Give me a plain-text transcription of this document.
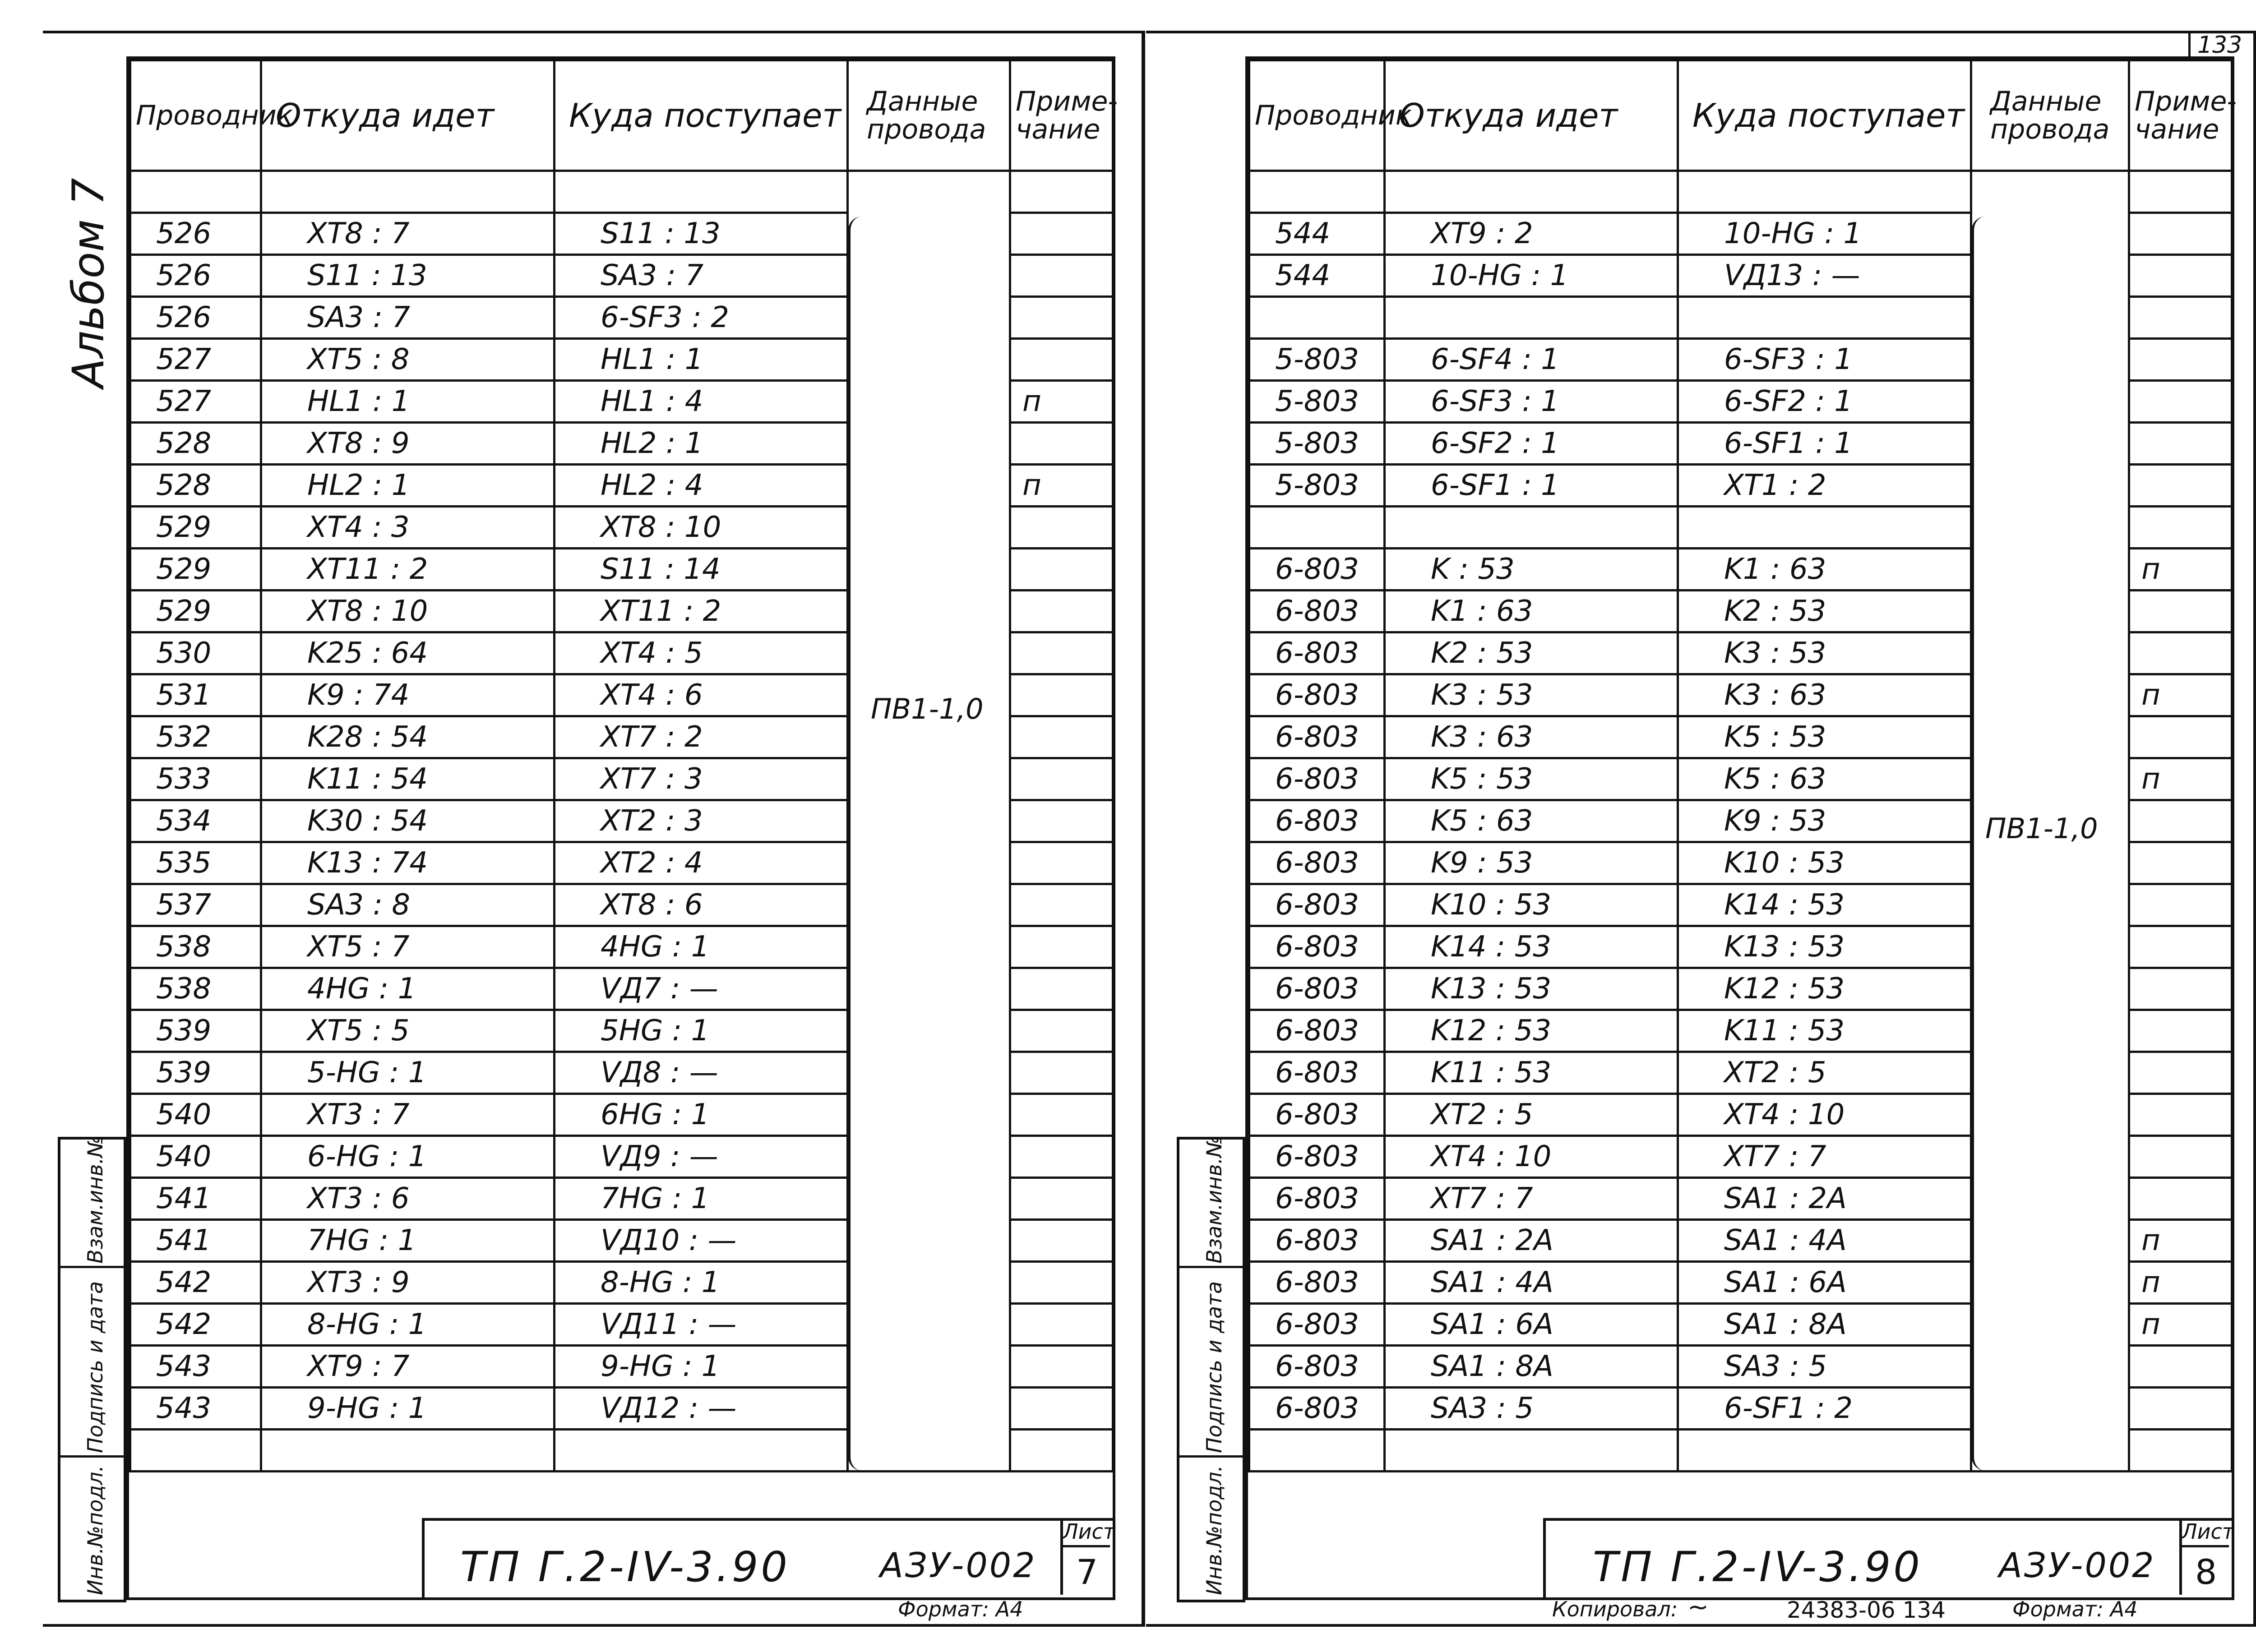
Альбом 7
Взам.инв.№
Подпись и дата
Инв.№подл.
Проводник	Откуда идет	Куда поступает	Данные
провода	Приме-
чание

526	XT8 : 7	S11 : 13		
526	S11 : 13	SA3 : 7		
526	SA3 : 7	6-SF3 : 2		
527	XT5 : 8	HL1 : 1		
527	HL1 : 1	HL1 : 4		п
528	XT8 : 9	HL2 : 1		
528	HL2 : 1	HL2 : 4		п
529	XT4 : 3	XT8 : 10		
529	XT11 : 2	S11 : 14		
529	XT8 : 10	XT11 : 2		
530	K25 : 64	XT4 : 5		
531	K9 : 74	XT4 : 6		
532	K28 : 54	XT7 : 2		
533	K11 : 54	XT7 : 3		
534	K30 : 54	XT2 : 3		
535	K13 : 74	XT2 : 4		
537	SA3 : 8	XT8 : 6		
538	XT5 : 7	4HG : 1		
538	4HG : 1	VД7 : —		
539	XT5 : 5	5HG : 1		
539	5-HG : 1	VД8 : —		
540	XT3 : 7	6HG : 1		
540	6-HG : 1	VД9 : —		
541	XT3 : 6	7HG : 1		
541	7HG : 1	VД10 : —		
542	XT3 : 9	8-HG : 1		
542	8-HG : 1	VД11 : —		
543	XT9 : 7	9-HG : 1		
543	9-HG : 1	VД12 : —		

ПВ1-1,0
ТП Г.2-IV-3.90	АЗУ-002
Лист
7
Формат: А4
133
Взам.инв.№
Подпись и дата
Инв.№подл.
Проводник	Откуда идет	Куда поступает	Данные
провода	Приме-
чание

544	XT9 : 2	10-HG : 1		
544	10-HG : 1	VД13 : —		

5-803	6-SF4 : 1	6-SF3 : 1		
5-803	6-SF3 : 1	6-SF2 : 1		
5-803	6-SF2 : 1	6-SF1 : 1		
5-803	6-SF1 : 1	XT1 : 2		

6-803	K : 53	K1 : 63		п
6-803	K1 : 63	K2 : 53		
6-803	K2 : 53	K3 : 53		
6-803	K3 : 53	K3 : 63		п
6-803	K3 : 63	K5 : 53		
6-803	K5 : 53	K5 : 63		п
6-803	K5 : 63	K9 : 53		
6-803	K9 : 53	K10 : 53		
6-803	K10 : 53	K14 : 53		
6-803	K14 : 53	K13 : 53		
6-803	K13 : 53	K12 : 53		
6-803	K12 : 53	K11 : 53		
6-803	K11 : 53	XT2 : 5		
6-803	XT2 : 5	XT4 : 10		
6-803	XT4 : 10	XT7 : 7		
6-803	XT7 : 7	SA1 : 2A		
6-803	SA1 : 2A	SA1 : 4A		п
6-803	SA1 : 4A	SA1 : 6A		п
6-803	SA1 : 6A	SA1 : 8A		п
6-803	SA1 : 8A	SA3 : 5		
6-803	SA3 : 5	6-SF1 : 2		

ПВ1-1,0
ТП Г.2-IV-3.90 АЗУ-002
Лист
8
Копировал: ~	24383-06 134	Формат: А4
